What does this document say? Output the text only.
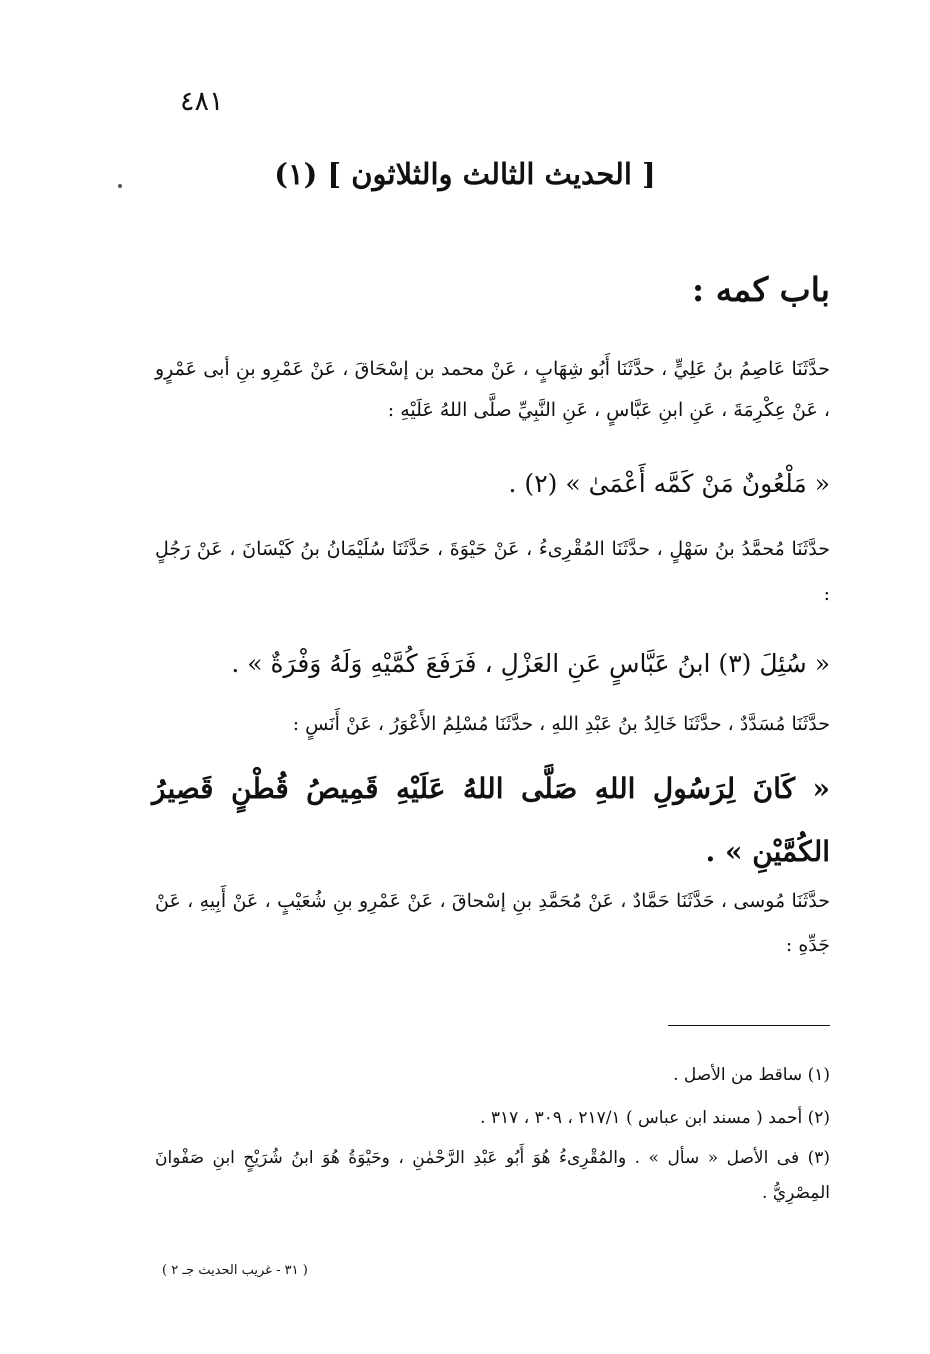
٤٨١
[ الحديث الثالث والثلاثون ] (١)
باب كمه :
حدَّثَنَا عَاصِمُ بنُ عَلِيٍّ ، حدَّثَنَا أَبُو شِهَابٍ ، عَنْ محمد بن إسْحَاقَ ، عَنْ عَمْرِو بنِ أبى عَمْرٍو ، عَنْ عِكْرِمَةَ ، عَنِ ابنِ عَبَّاسٍ ، عَنِ النَّبِيِّ صلَّى اللهُ عَلَيْهِ :
« مَلْعُونٌ مَنْ كَمَّه أَعْمَىٰ » (٢) .
حدَّثَنَا مُحمَّدُ بنُ سَهْلٍ ، حدَّثَنَا المُقْرِىءُ ، عَنْ حَيْوَةَ ، حَدَّثَنَا سُلَيْمَانُ بنُ كَيْسَانَ ، عَنْ رَجُلٍ :
« سُئِلَ (٣) ابنُ عَبَّاسٍ عَنِ العَزْلِ ، فَرَفَعَ كُمَّيْهِ وَلَهُ وَفْرَةٌ » .
حدَّثَنَا مُسَدَّدٌ ، حدَّثَنَا خَالِدُ بنُ عَبْدِ اللهِ ، حدَّثَنَا مُسْلِمُ الأَعْوَرُ ، عَنْ أَنَسٍ :
« كَانَ لِرَسُولِ اللهِ صَلَّى اللهُ عَلَيْهِ قَمِيصُ قُطْنٍ قَصِيرُ الكُمَّيْنِ » .
حدَّثَنَا مُوسى ، حَدَّثَنَا حَمَّادٌ ، عَنْ مُحَمَّدِ بنِ إسْحاقَ ، عَنْ عَمْرِو بنِ شُعَيْبٍ ، عَنْ أَبِيهِ ، عَنْ جَدِّهِ :
(١) ساقط من الأصل .
(٢) أحمد ( مسند ابن عباس ) ٢١٧/١ ، ٣٠٩ ، ٣١٧ .
(٣) فى الأصل « سأل » . والمُقْرِىءُ هُوَ أَبُو عَبْدِ الرَّحْمٰنِ ، وحَيْوَةُ هُوَ ابنُ شُرَيْحٍ ابنِ صَفْوانَ المِصْرِيُّ .
( ٣١ - غريب الحديث جـ ٢ )
